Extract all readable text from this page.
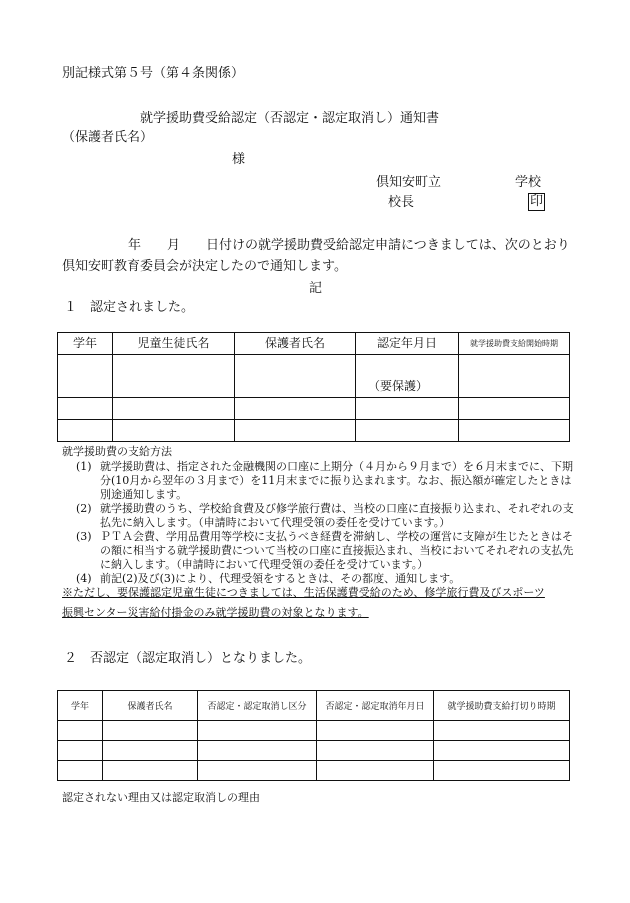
別記様式第５号（第４条関係）
就学援助費受給認定（否認定・認定取消し）通知書
（保護者氏名）
様
倶知安町立	学校
校長	印
年　　月　　日付けの就学援助費受給認定申請につきましては、次のとおり
倶知安町教育委員会が決定したので通知します。
記
１　認定されました。
学年	児童生徒氏名	保護者氏名	認定年月日	就学援助費支給開始時期
			（要保護）	

就学援助費の支給方法
(1) 就学援助費は、指定された金融機関の口座に上期分（４月から９月まで）を６月末までに、下期分(10月から翌年の３月まで）を11月末までに振り込まれます。なお、振込額が確定したときは別途通知します。
(2) 就学援助費のうち、学校給食費及び修学旅行費は、当校の口座に直接振り込まれ、それぞれの支払先に納入します。（申請時において代理受領の委任を受けています。）
(3) ＰＴＡ会費、学用品費用等学校に支払うべき経費を滞納し、学校の運営に支障が生じたときはその額に相当する就学援助費について当校の口座に直接振込まれ、当校においてそれぞれの支払先に納入します。（申請時において代理受領の委任を受けています。）
(4) 前記(2)及び(3)により、代理受領をするときは、その都度、通知します。
※ただし、要保護認定児童生徒につきましては、生活保護費受給のため、修学旅行費及びスポーツ
振興センター災害給付掛金のみ就学援助費の対象となります。
２　否認定（認定取消し）となりました。
学年	保護者氏名	否認定・認定取消し区分	否認定・認定取消年月日	就学援助費支給打切り時期

認定されない理由又は認定取消しの理由
